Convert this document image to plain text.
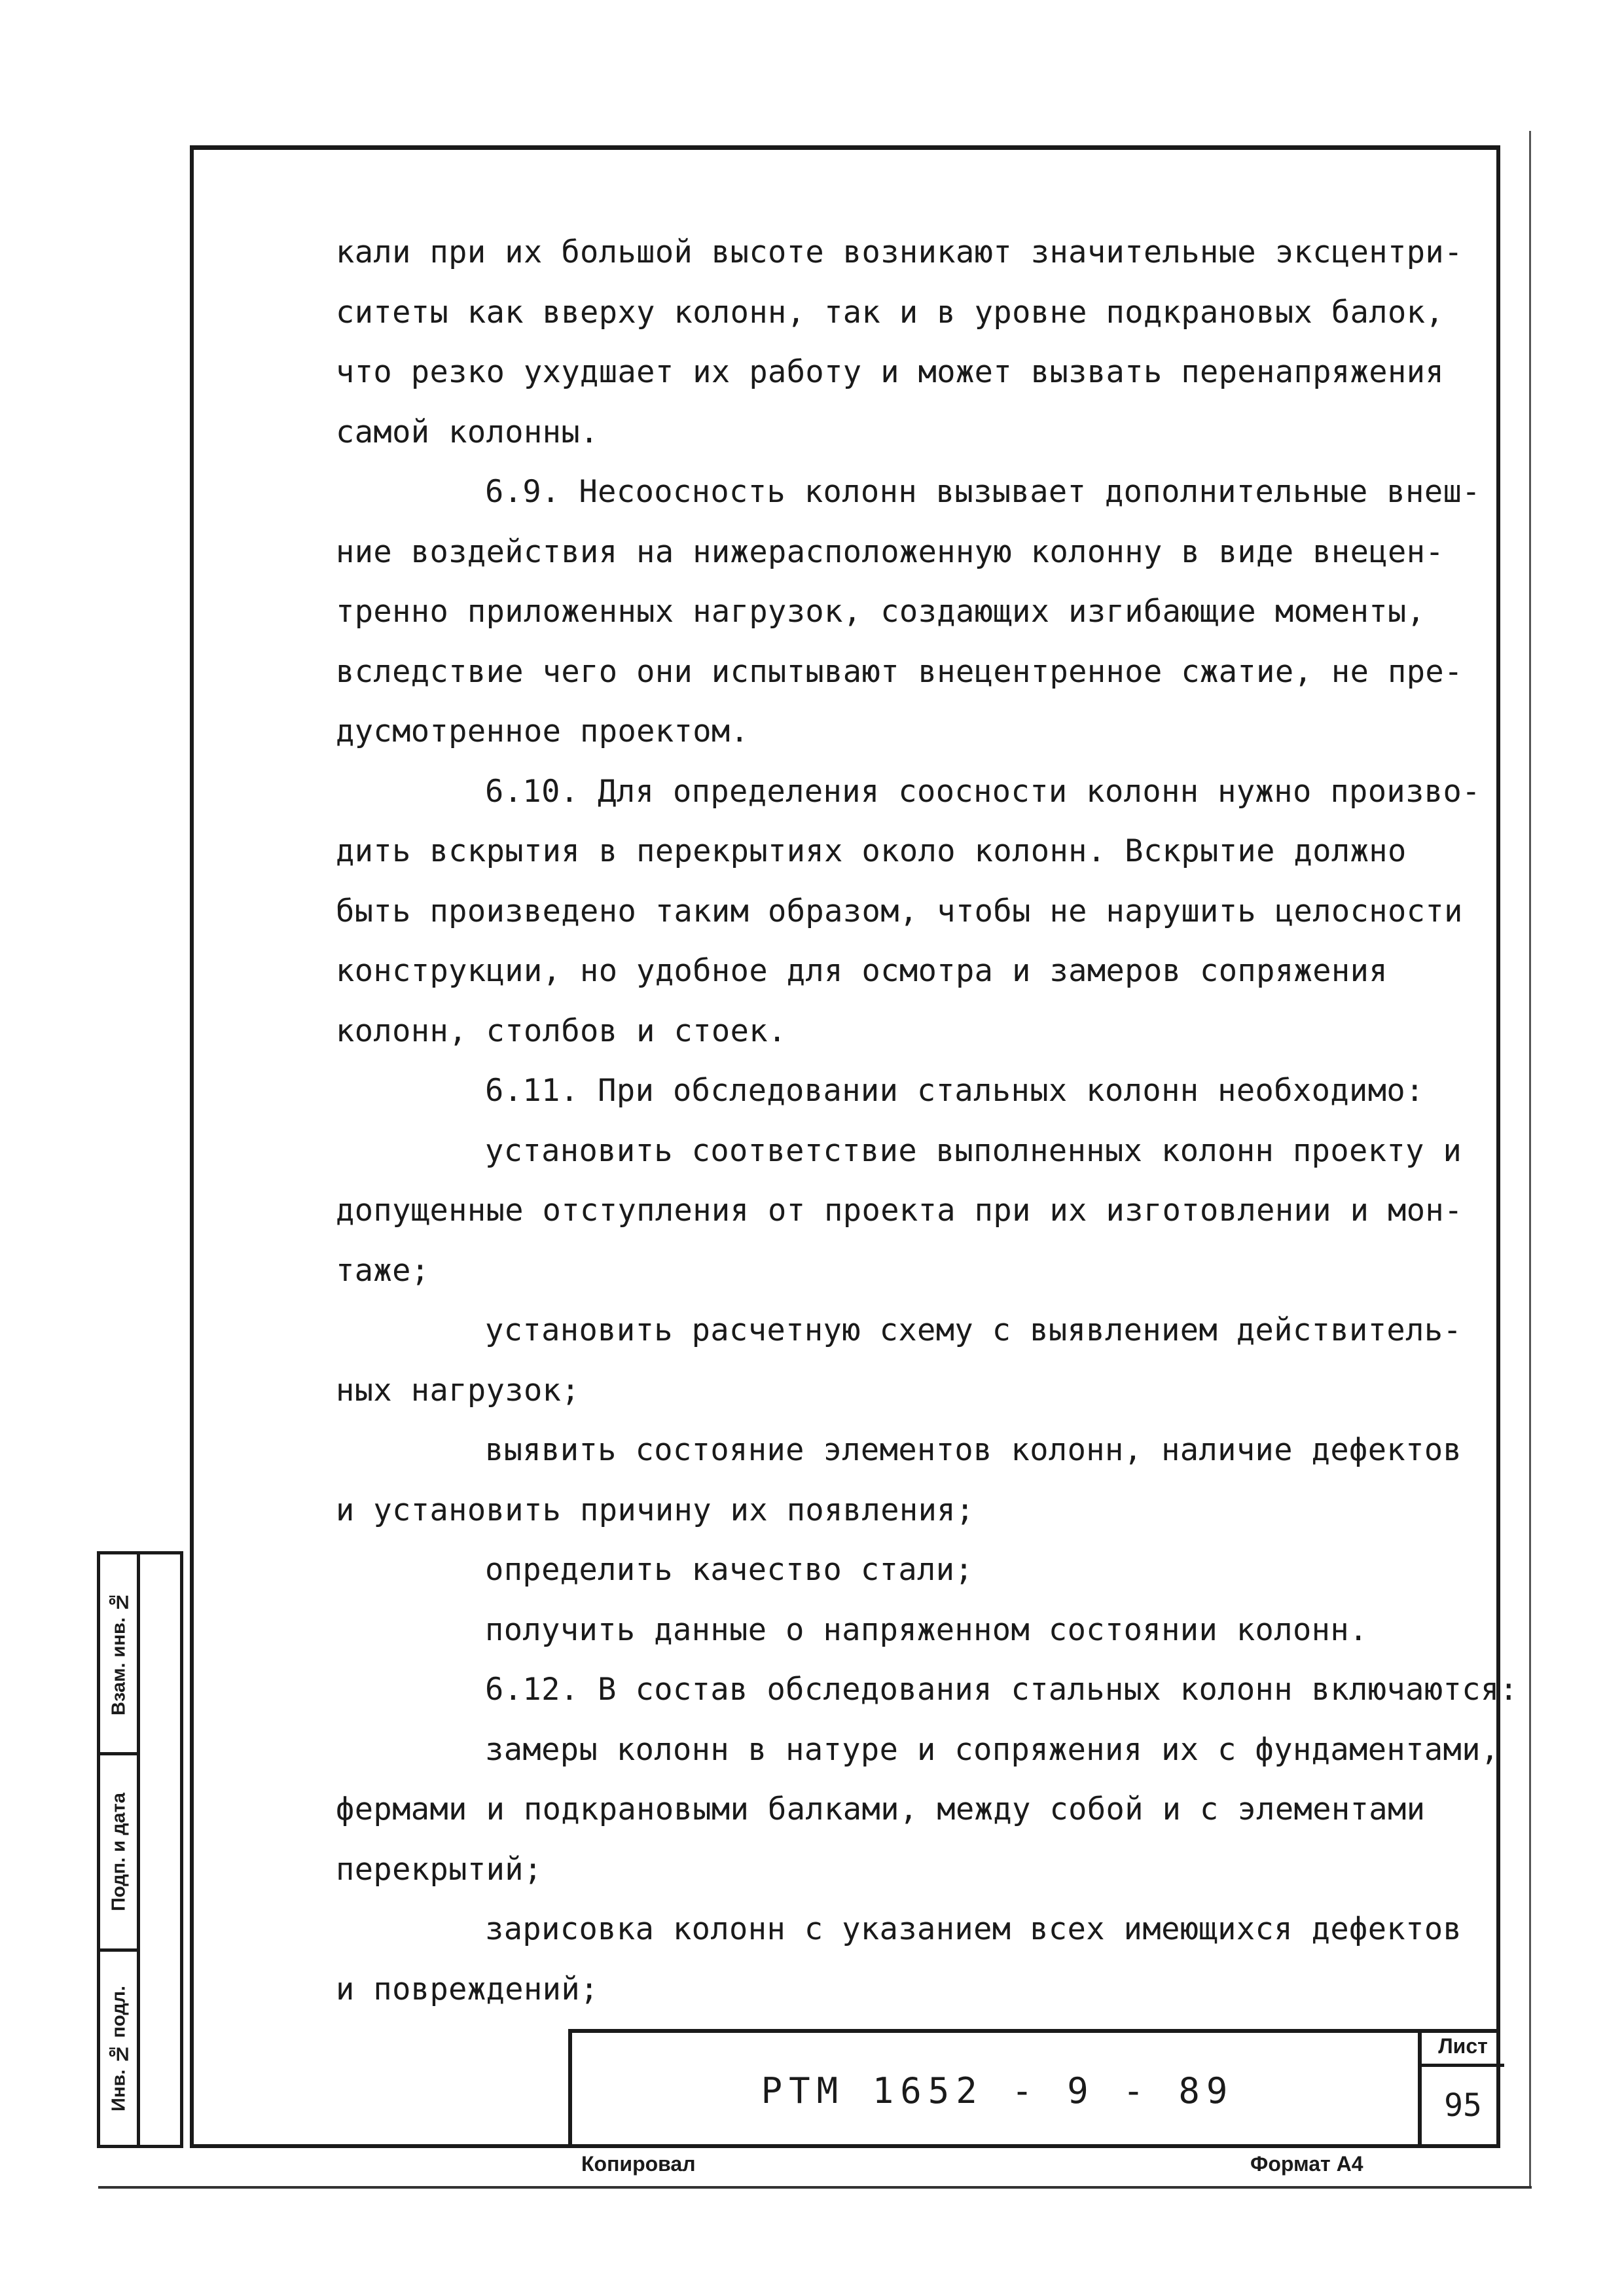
кали при их большой высоте возникают значительные эксцентри-

ситеты как вверху колонн, так и в уровне подкрановых балок,

что резко ухудшает их работу и может вызвать перенапряжения

самой колонны.

6.9. Несоосность колонн вызывает дополнительные внеш-

ние воздействия на нижерасположенную колонну в виде внецен-

тренно приложенных нагрузок, создающих изгибающие моменты,

вследствие чего они испытывают внецентренное сжатие, не пре-

дусмотренное проектом.

6.10. Для определения соосности колонн нужно произво-

дить вскрытия в перекрытиях около колонн. Вскрытие должно

быть произведено таким образом, чтобы не нарушить целосности

конструкции, но удобное для осмотра и замеров сопряжения

колонн, столбов и стоек.

6.11. При обследовании стальных колонн необходимо:

установить соответствие выполненных колонн проекту и

допущенные отступления от проекта при их изготовлении и мон-

таже;

установить расчетную схему с выявлением действитель-

ных нагрузок;

выявить состояние элементов колонн, наличие дефектов

и установить причину их появления;

определить качество стали;

получить данные о напряженном состоянии колонн.

6.12. В состав обследования стальных колонн включаются:

замеры колонн в натуре и сопряжения их с фундаментами,

фермами и подкрановыми балками, между собой и с элементами

перекрытий;

зарисовка колонн с указанием всех имеющихся дефектов

и повреждений;

Взам. инв. №
Подп. и дата
Инв. № подл.	РТМ 1652 - 9 - 89
Лист
95
Копировал	Формат А4
